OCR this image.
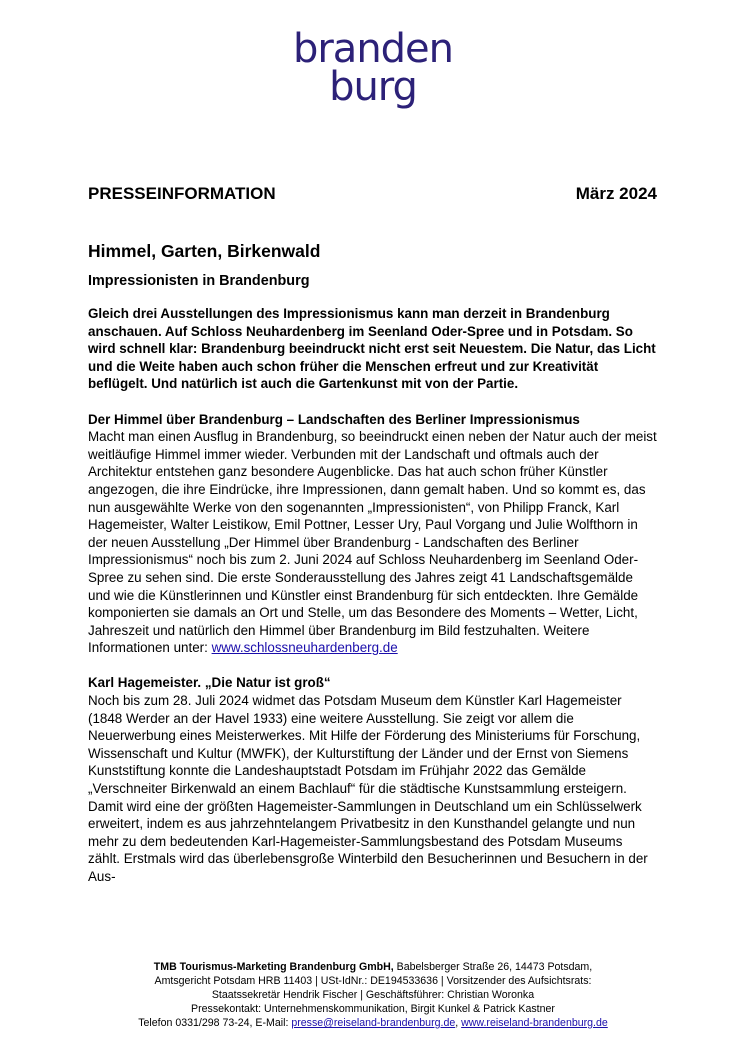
branden
burg
PRESSEINFORMATION	März 2024
Himmel, Garten, Birkenwald
Impressionisten in Brandenburg

Gleich drei Ausstellungen des Impressionismus kann man derzeit in Brandenburg anschauen. Auf Schloss Neuhardenberg im Seenland Oder-Spree und in Potsdam. So wird schnell klar: Brandenburg beeindruckt nicht erst seit Neuestem. Die Natur, das Licht und die Weite haben auch schon früher die Menschen erfreut und zur Kreativität beflügelt. Und natürlich ist auch die Gartenkunst mit von der Partie.

Der Himmel über Brandenburg – Landschaften des Berliner Impressionismus
Macht man einen Ausflug in Brandenburg, so beeindruckt einen neben der Natur auch der meist weitläufige Himmel immer wieder. Verbunden mit der Landschaft und oftmals auch der Architektur entstehen ganz besondere Augenblicke. Das hat auch schon früher Künstler angezogen, die ihre Eindrücke, ihre Impressionen, dann gemalt haben. Und so kommt es, das nun ausgewählte Werke von den sogenannten „Impressionisten“, von Philipp Franck, Karl Hagemeister, Walter Leistikow, Emil Pottner, Lesser Ury, Paul Vorgang und Julie Wolfthorn in der neuen Ausstellung „Der Himmel über Brandenburg - Landschaften des Berliner Impressionismus“ noch bis zum 2. Juni 2024 auf Schloss Neuhardenberg im Seenland Oder-Spree zu sehen sind. Die erste Sonderausstellung des Jahres zeigt 41 Landschaftsgemälde und wie die Künstlerinnen und Künstler einst Brandenburg für sich entdeckten. Ihre Gemälde komponierten sie damals an Ort und Stelle, um das Besondere des Moments – Wetter, Licht, Jahreszeit und natürlich den Himmel über Brandenburg im Bild festzuhalten. Weitere Informationen unter: www.schlossneuhardenberg.de

Karl Hagemeister. „Die Natur ist groß“
Noch bis zum 28. Juli 2024 widmet das Potsdam Museum dem Künstler Karl Hagemeister (1848 Werder an der Havel 1933) eine weitere Ausstellung. Sie zeigt vor allem die Neuerwerbung eines Meisterwerkes. Mit Hilfe der Förderung des Ministeriums für Forschung, Wissenschaft und Kultur (MWFK), der Kulturstiftung der Länder und der Ernst von Siemens Kunststiftung konnte die Landeshauptstadt Potsdam im Frühjahr 2022 das Gemälde „Verschneiter Birkenwald an einem Bachlauf“ für die städtische Kunstsammlung ersteigern. Damit wird eine der größten Hagemeister-Sammlungen in Deutschland um ein Schlüsselwerk erweitert, indem es aus jahrzehntelangem Privatbesitz in den Kunsthandel gelangte und nun mehr zu dem bedeutenden Karl-Hagemeister-Sammlungsbestand des Potsdam Museums zählt. Erstmals wird das überlebensgroße Winterbild den Besucherinnen und Besuchern in der Aus-

TMB Tourismus-Marketing Brandenburg GmbH, Babelsberger Straße 26, 14473 Potsdam,
Amtsgericht Potsdam HRB 11403 | USt-IdNr.: DE194533636 | Vorsitzender des Aufsichtsrats:
Staatssekretär Hendrik Fischer | Geschäftsführer: Christian Woronka
Pressekontakt: Unternehmenskommunikation, Birgit Kunkel & Patrick Kastner
Telefon 0331/298 73-24, E-Mail: presse@reiseland-brandenburg.de, www.reiseland-brandenburg.de
